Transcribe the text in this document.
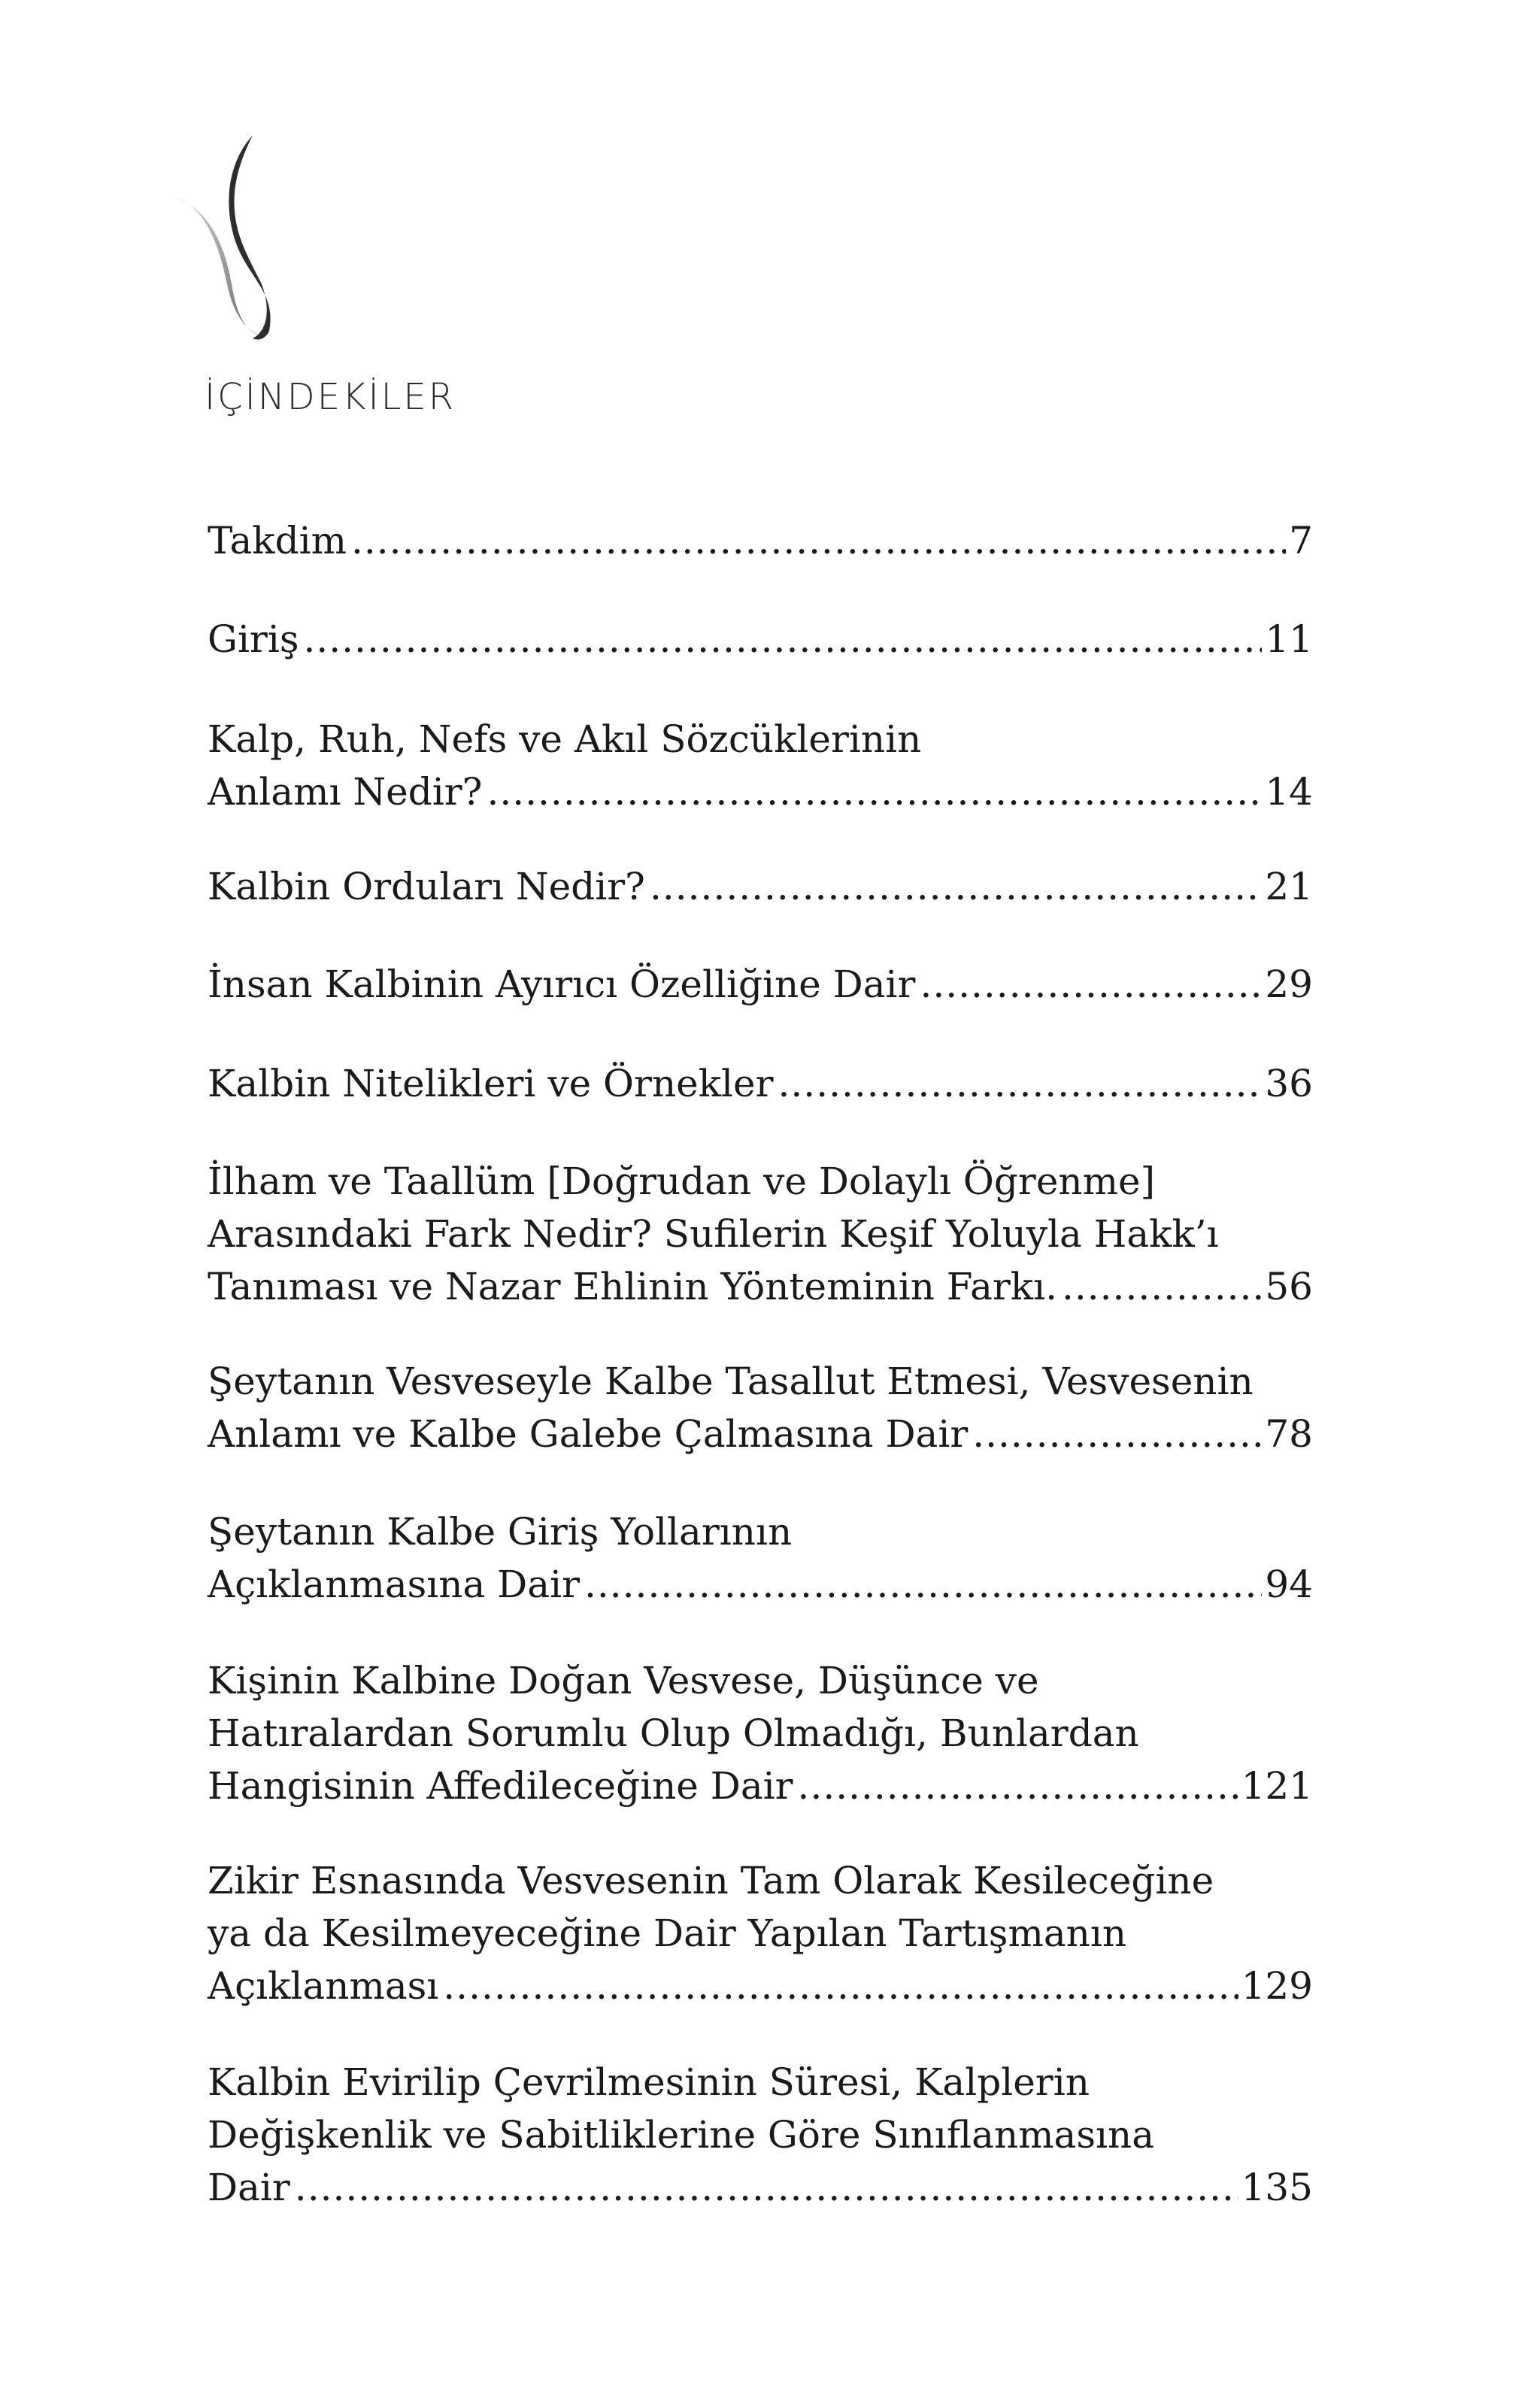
İÇİNDEKİLER
Takdim .....	7
Giriş .....	11
Kalp, Ruh, Nefs ve Akıl Sözcüklerinin
Anlamı Nedir? .....	14
Kalbin Orduları Nedir? .....	21
İnsan Kalbinin Ayırıcı Özelliğine Dair .....	29
Kalbin Nitelikleri ve Örnekler .....	36
İlham ve Taallüm [Doğrudan ve Dolaylı Öğrenme]
Arasındaki Fark Nedir? Sufilerin Keşif Yoluyla Hakk’ı
Tanıması ve Nazar Ehlinin Yönteminin Farkı. .....	56
Şeytanın Vesveseyle Kalbe Tasallut Etmesi, Vesvesenin
Anlamı ve Kalbe Galebe Çalmasına Dair .....	78
Şeytanın Kalbe Giriş Yollarının
Açıklanmasına Dair .....	94
Kişinin Kalbine Doğan Vesvese, Düşünce ve
Hatıralardan Sorumlu Olup Olmadığı, Bunlardan
Hangisinin Affedileceğine Dair .....	121
Zikir Esnasında Vesvesenin Tam Olarak Kesileceğine
ya da Kesilmeyeceğine Dair Yapılan Tartışmanın
Açıklanması .....	129
Kalbin Evirilip Çevrilmesinin Süresi, Kalplerin
Değişkenlik ve Sabitliklerine Göre Sınıflanmasına
Dair .....	135
